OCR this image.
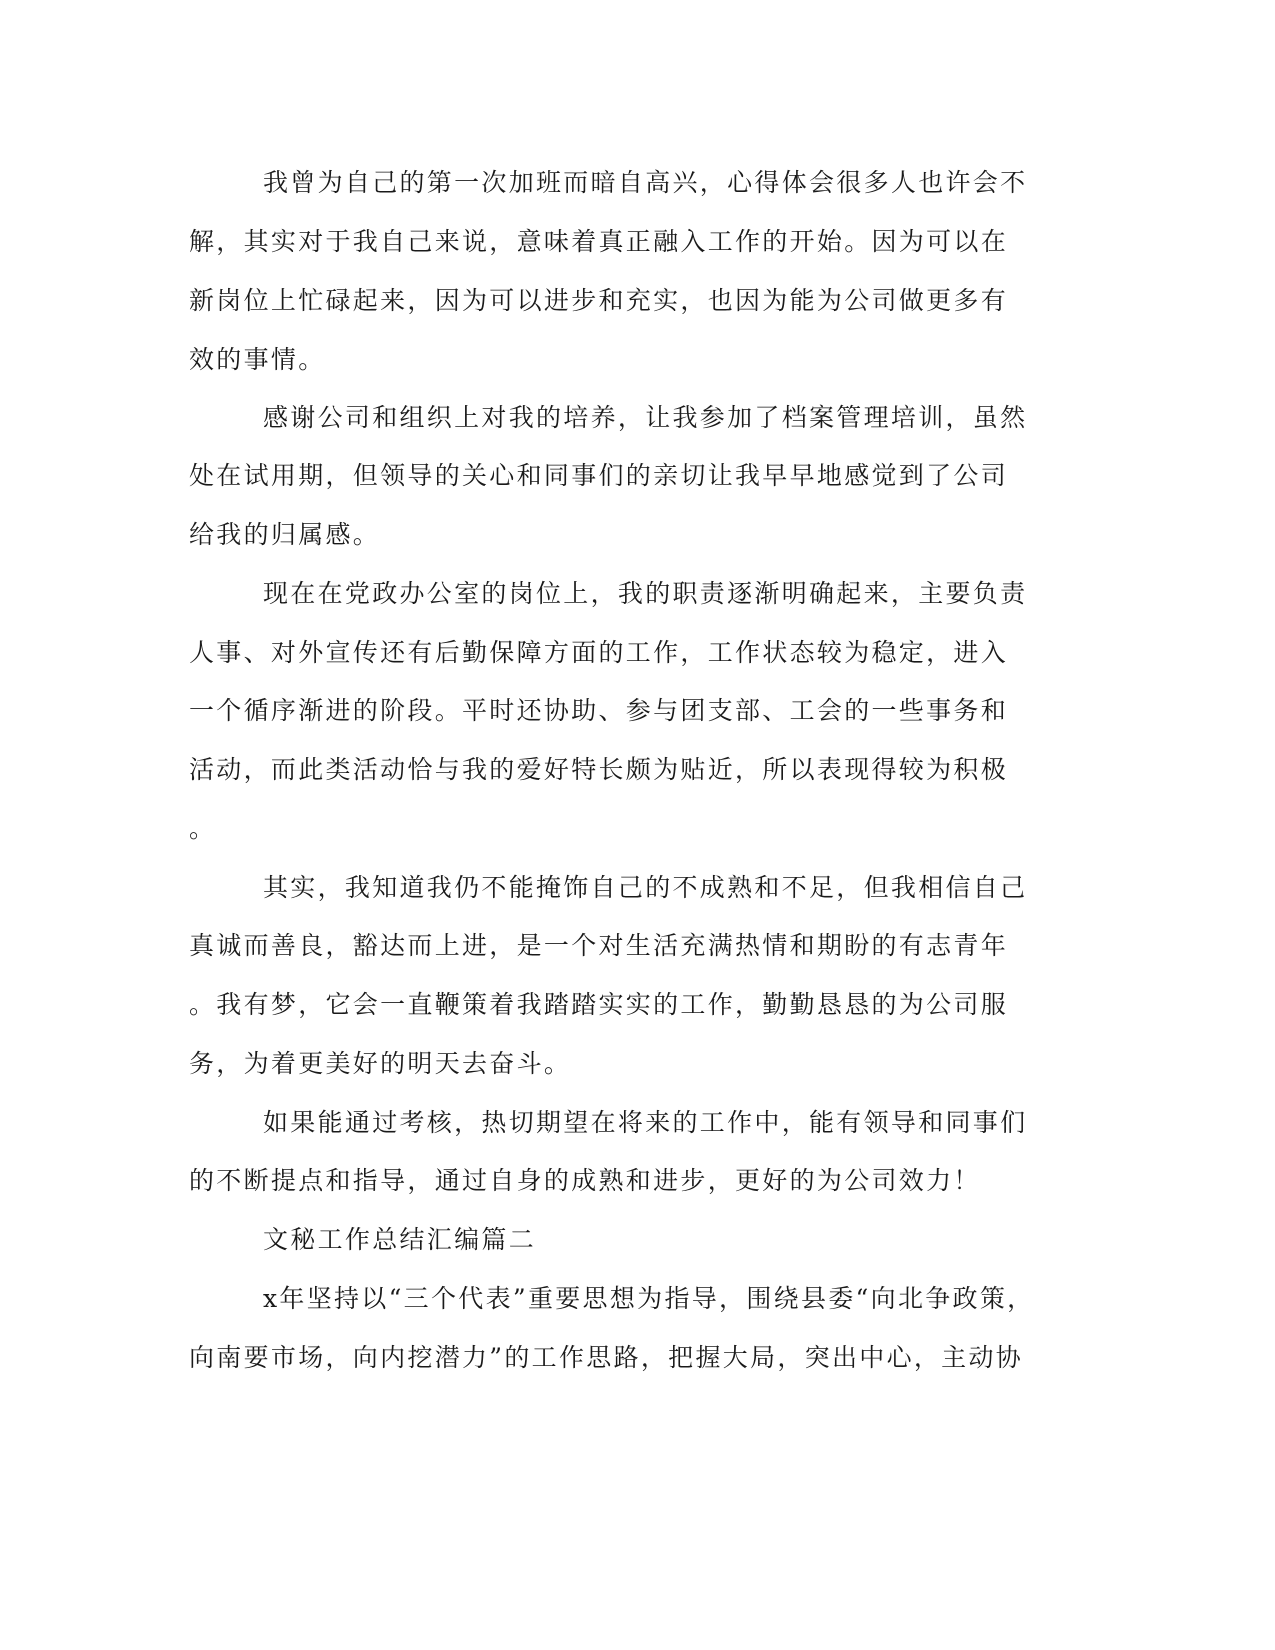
我曾为自己的第一次加班而暗自高兴，心得体会很多人也许会不

解，其实对于我自己来说，意味着真正融入工作的开始。因为可以在

新岗位上忙碌起来，因为可以进步和充实，也因为能为公司做更多有

效的事情。

感谢公司和组织上对我的培养，让我参加了档案管理培训，虽然

处在试用期，但领导的关心和同事们的亲切让我早早地感觉到了公司

给我的归属感。

现在在党政办公室的岗位上，我的职责逐渐明确起来，主要负责

人事、对外宣传还有后勤保障方面的工作，工作状态较为稳定，进入

一个循序渐进的阶段。平时还协助、参与团支部、工会的一些事务和

活动，而此类活动恰与我的爱好特长颇为贴近，所以表现得较为积极

。

其实，我知道我仍不能掩饰自己的不成熟和不足，但我相信自己

真诚而善良，豁达而上进，是一个对生活充满热情和期盼的有志青年

。我有梦，它会一直鞭策着我踏踏实实的工作，勤勤恳恳的为公司服

务，为着更美好的明天去奋斗。

如果能通过考核，热切期望在将来的工作中，能有领导和同事们

的不断提点和指导，通过自身的成熟和进步，更好的为公司效力！

文秘工作总结汇编篇二

x年坚持以“三个代表”重要思想为指导，围绕县委“向北争政策，

向南要市场，向内挖潜力”的工作思路，把握大局，突出中心，主动协
